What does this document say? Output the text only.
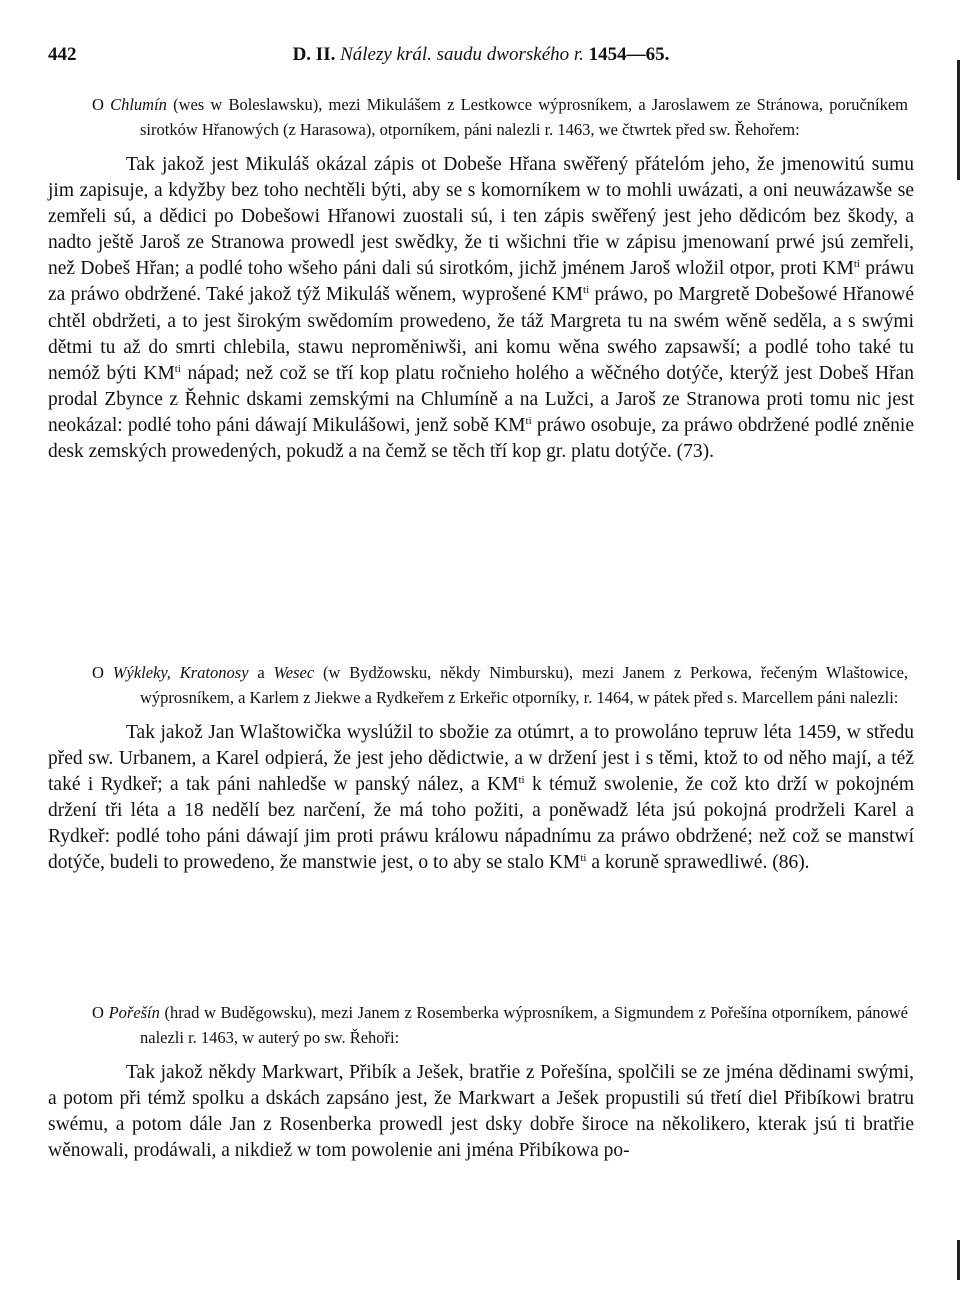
442	D. II. Nálezy král. saudu dworského r. 1454—65.
O Chlumín (wes w Boleslawsku), mezi Mikulášem z Lestkowce wýprosníkem, a Jaroslawem ze Stránowa, poručníkem sirotków Hřanowých (z Harasowa), otporníkem, páni nalezli r. 1463, we čtwrtek před sw. Řehořem:
Tak jakož jest Mikuláš okázal zápis ot Dobeše Hřana swěřený přátelóm jeho, že jmenowitú sumu jim zapisuje, a kdyžby bez toho nechtěli býti, aby se s komorníkem w to mohli uwázati, a oni neuwázawše se zemřeli sú, a dědici po Dobešowi Hřanowi zuostali sú, i ten zápis swěřený jest jeho dědicóm bez škody, a nadto ještě Jaroš ze Stranowa prowedl jest swědky, že ti wšichni třie w zápisu jmenowaní prwé jsú zemřeli, než Dobeš Hřan; a podlé toho wšeho páni dali sú sirotkóm, jichž jménem Jaroš wložil otpor, proti $KM^{ti}$ práwu za práwo obdržené. Také jakož týž Mikuláš wěnem, wyprošené $KM^{ti}$ práwo, po Margretě Dobešowé Hřanowé chtěl obdržeti, a to jest širokým swědomím prowedeno, že táž Margreta tu na swém wěně seděla, a s swými dětmi tu až do smrti chlebila, stawu neproměniwši, ani komu wěna swého zapsawší; a podlé toho také tu nemóž býti $KM^{ti}$ nápad; než což se tří kop platu ročnieho holého a wěčného dotýče, kterýž jest Dobeš Hřan prodal Zbynce z Řehnic dskami zemskými na Chlumíně a na Lužci, a Jaroš ze Stranowa proti tomu nic jest neokázal: podlé toho páni dáwají Mikulášowi, jenž sobě $KM^{ti}$ práwo osobuje, za práwo obdržené podlé zněnie desk zemských prowedených, pokudž a na čemž se těch tří kop gr. platu dotýče. (73).
O Wýkleky, Kratonosy a Wesec (w Bydžowsku, někdy Nimbursku), mezi Janem z Perkowa, řečeným Wlaštowice, wýprosníkem, a Karlem z Jiekwe a Rydkeřem z Erkeřic otporníky, r. 1464, w pátek před s. Marcellem páni nalezli:
Tak jakož Jan Wlaštowička wyslúžil to sbožie za otúmrt, a to prowoláno tepruw léta 1459, w středu před sw. Urbanem, a Karel odpierá, že jest jeho dědictwie, a w držení jest i s těmi, ktož to od něho mají, a též také i Rydkeř; a tak páni nahledše w panský nález, a $KM^{ti}$ k témuž swolenie, že což kto drží w pokojném držení tři léta a 18 nedělí bez narčení, že má toho požiti, a poněwadž léta jsú pokojná prodrželi Karel a Rydkeř: podlé toho páni dáwají jim proti práwu králowu nápadnímu za práwo obdržené; než což se manstwí dotýče, budeli to prowedeno, že manstwie jest, o to aby se stalo $KM^{ti}$ a koruně sprawedliwé. (86).
O Pořešín (hrad w Buděgowsku), mezi Janem z Rosemberka wýprosníkem, a Sigmundem z Pořešína otporníkem, pánowé nalezli r. 1463, w auterý po sw. Řehoři:
Tak jakož někdy Markwart, Přibík a Ješek, bratřie z Pořešína, spolčili se ze jména dědinami swými, a potom při témž spolku a dskách zapsáno jest, že Markwart a Ješek propustili sú třetí diel Přibíkowi bratru swému, a potom dále Jan z Rosenberka prowedl jest dsky dobře široce na několikero, kterak jsú ti bratřie wěnowali, prodáwali, a nikdiež w tom powolenie ani jména Přibíkowa po-
